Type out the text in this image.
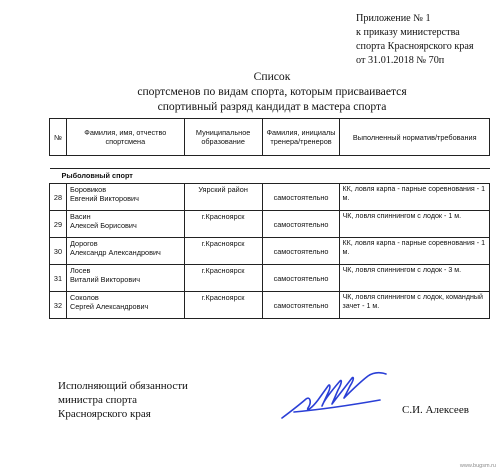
Приложение № 1
к приказу министерства
спорта Красноярского края
от 31.01.2018 № 70п
Список
спортсменов по видам спорта, которым присваивается
спортивный разряд кандидат в мастера спорта
№	Фамилия, имя, отчество спортсмена	Муниципальное образование	Фамилия, инициалы тренера/тренеров	Выполненный норматив/требования

Рыболовный спорт				

28	Боровиков
Евгений Викторович	Уярский район	самостоятельно	КК, ловля карпа - парные соревнования - 1 м.

29	Васин
Алексей Борисович	г.Красноярск	самостоятельно	ЧК, ловля спиннингом с лодок - 1 м.

30	Дорогов
Александр Александрович	г.Красноярск	самостоятельно	КК, ловля карпа - парные соревнования - 1 м.

31	Лосев
Виталий Викторович	г.Красноярск	самостоятельно	ЧК, ловля спиннингом с лодок - 3 м.

32	Соколов
Сергей Александрович	г.Красноярск	самостоятельно	ЧК, ловля спиннингом с лодок, командный зачет - 1 м.
Исполняющий обязанности
министра спорта
Красноярского края	С.И. Алексеев
www.bugsm.ru
